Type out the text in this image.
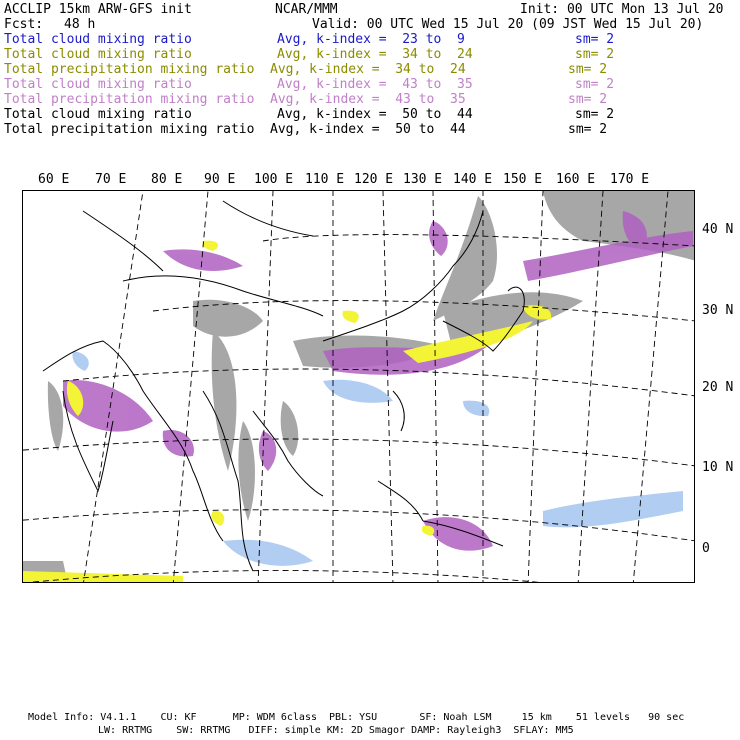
ACCLIP 15km ARW-GFS init	NCAR/MMM	Init: 00 UTC Mon 13 Jul 20
Fcst: 48 h	Valid: 00 UTC Wed 15 Jul 20 (09 JST Wed 15 Jul 20)
Total cloud mixing ratio	Avg, k-index =  23 to  9	sm= 2
Total cloud mixing ratio	Avg, k-index =  34 to  24	sm= 2
Total precipitation mixing ratio Avg, k-index =  34 to  24	sm= 2
Total cloud mixing ratio	Avg, k-index =  43 to  35	sm= 2
Total precipitation mixing ratio Avg, k-index =  43 to  35	sm= 2
Total cloud mixing ratio	Avg, k-index =  50 to  44	sm= 2
Total precipitation mixing ratio Avg, k-index =  50 to  44	sm= 2
60 E 70 E 80 E 90 E 100 E 110 E 120 E 130 E 140 E 150 E 160 E 170 E
40 N
30 N
20 N
10 N
0
Model Info: V4.1.1    CU: KF      MP: WDM 6class  PBL: YSU       SF: Noah LSM     15 km    51 levels   90 sec
LW: RRTMG    SW: RRTMG   DIFF: simple KM: 2D Smagor DAMP: Rayleigh3  SFLAY: MM5
